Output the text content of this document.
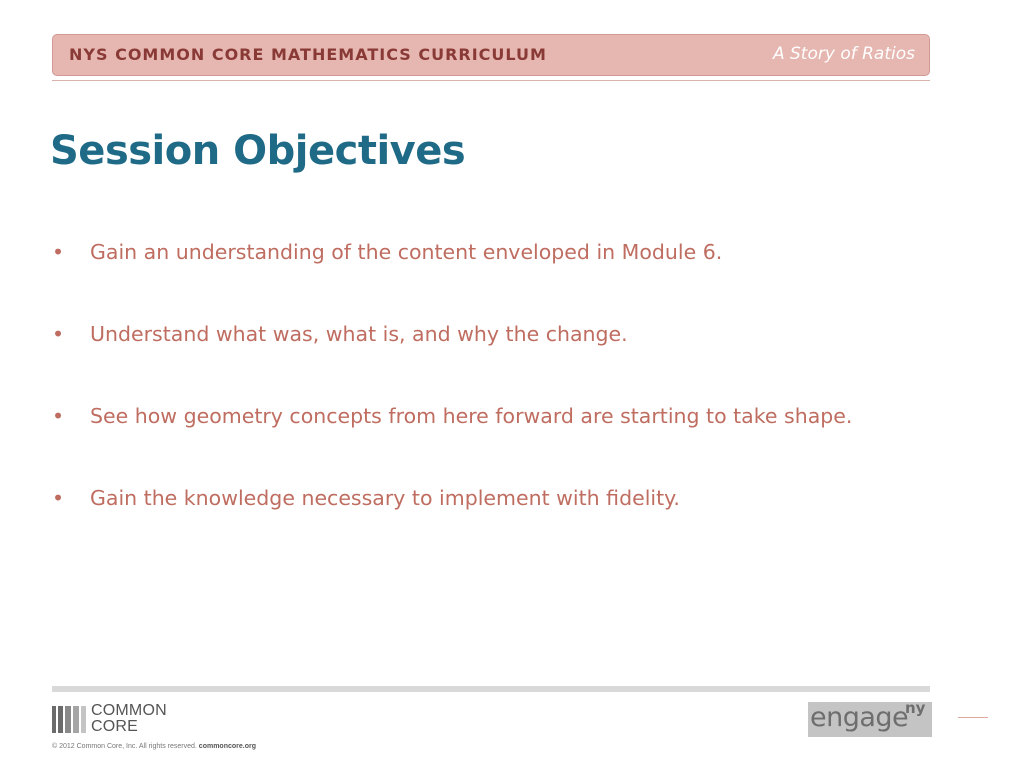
NYS COMMON CORE MATHEMATICS CURRICULUM	A Story of Ratios
Session Objectives
•	Gain an understanding of the content enveloped in Module 6.
•	Understand what was, what is, and why the change.
•	See how geometry concepts from here forward are starting to take shape.
•	Gain the knowledge necessary to implement with fidelity.
COMMON
CORE
© 2012 Common Core, Inc. All rights reserved. commoncore.org
engage
ny
